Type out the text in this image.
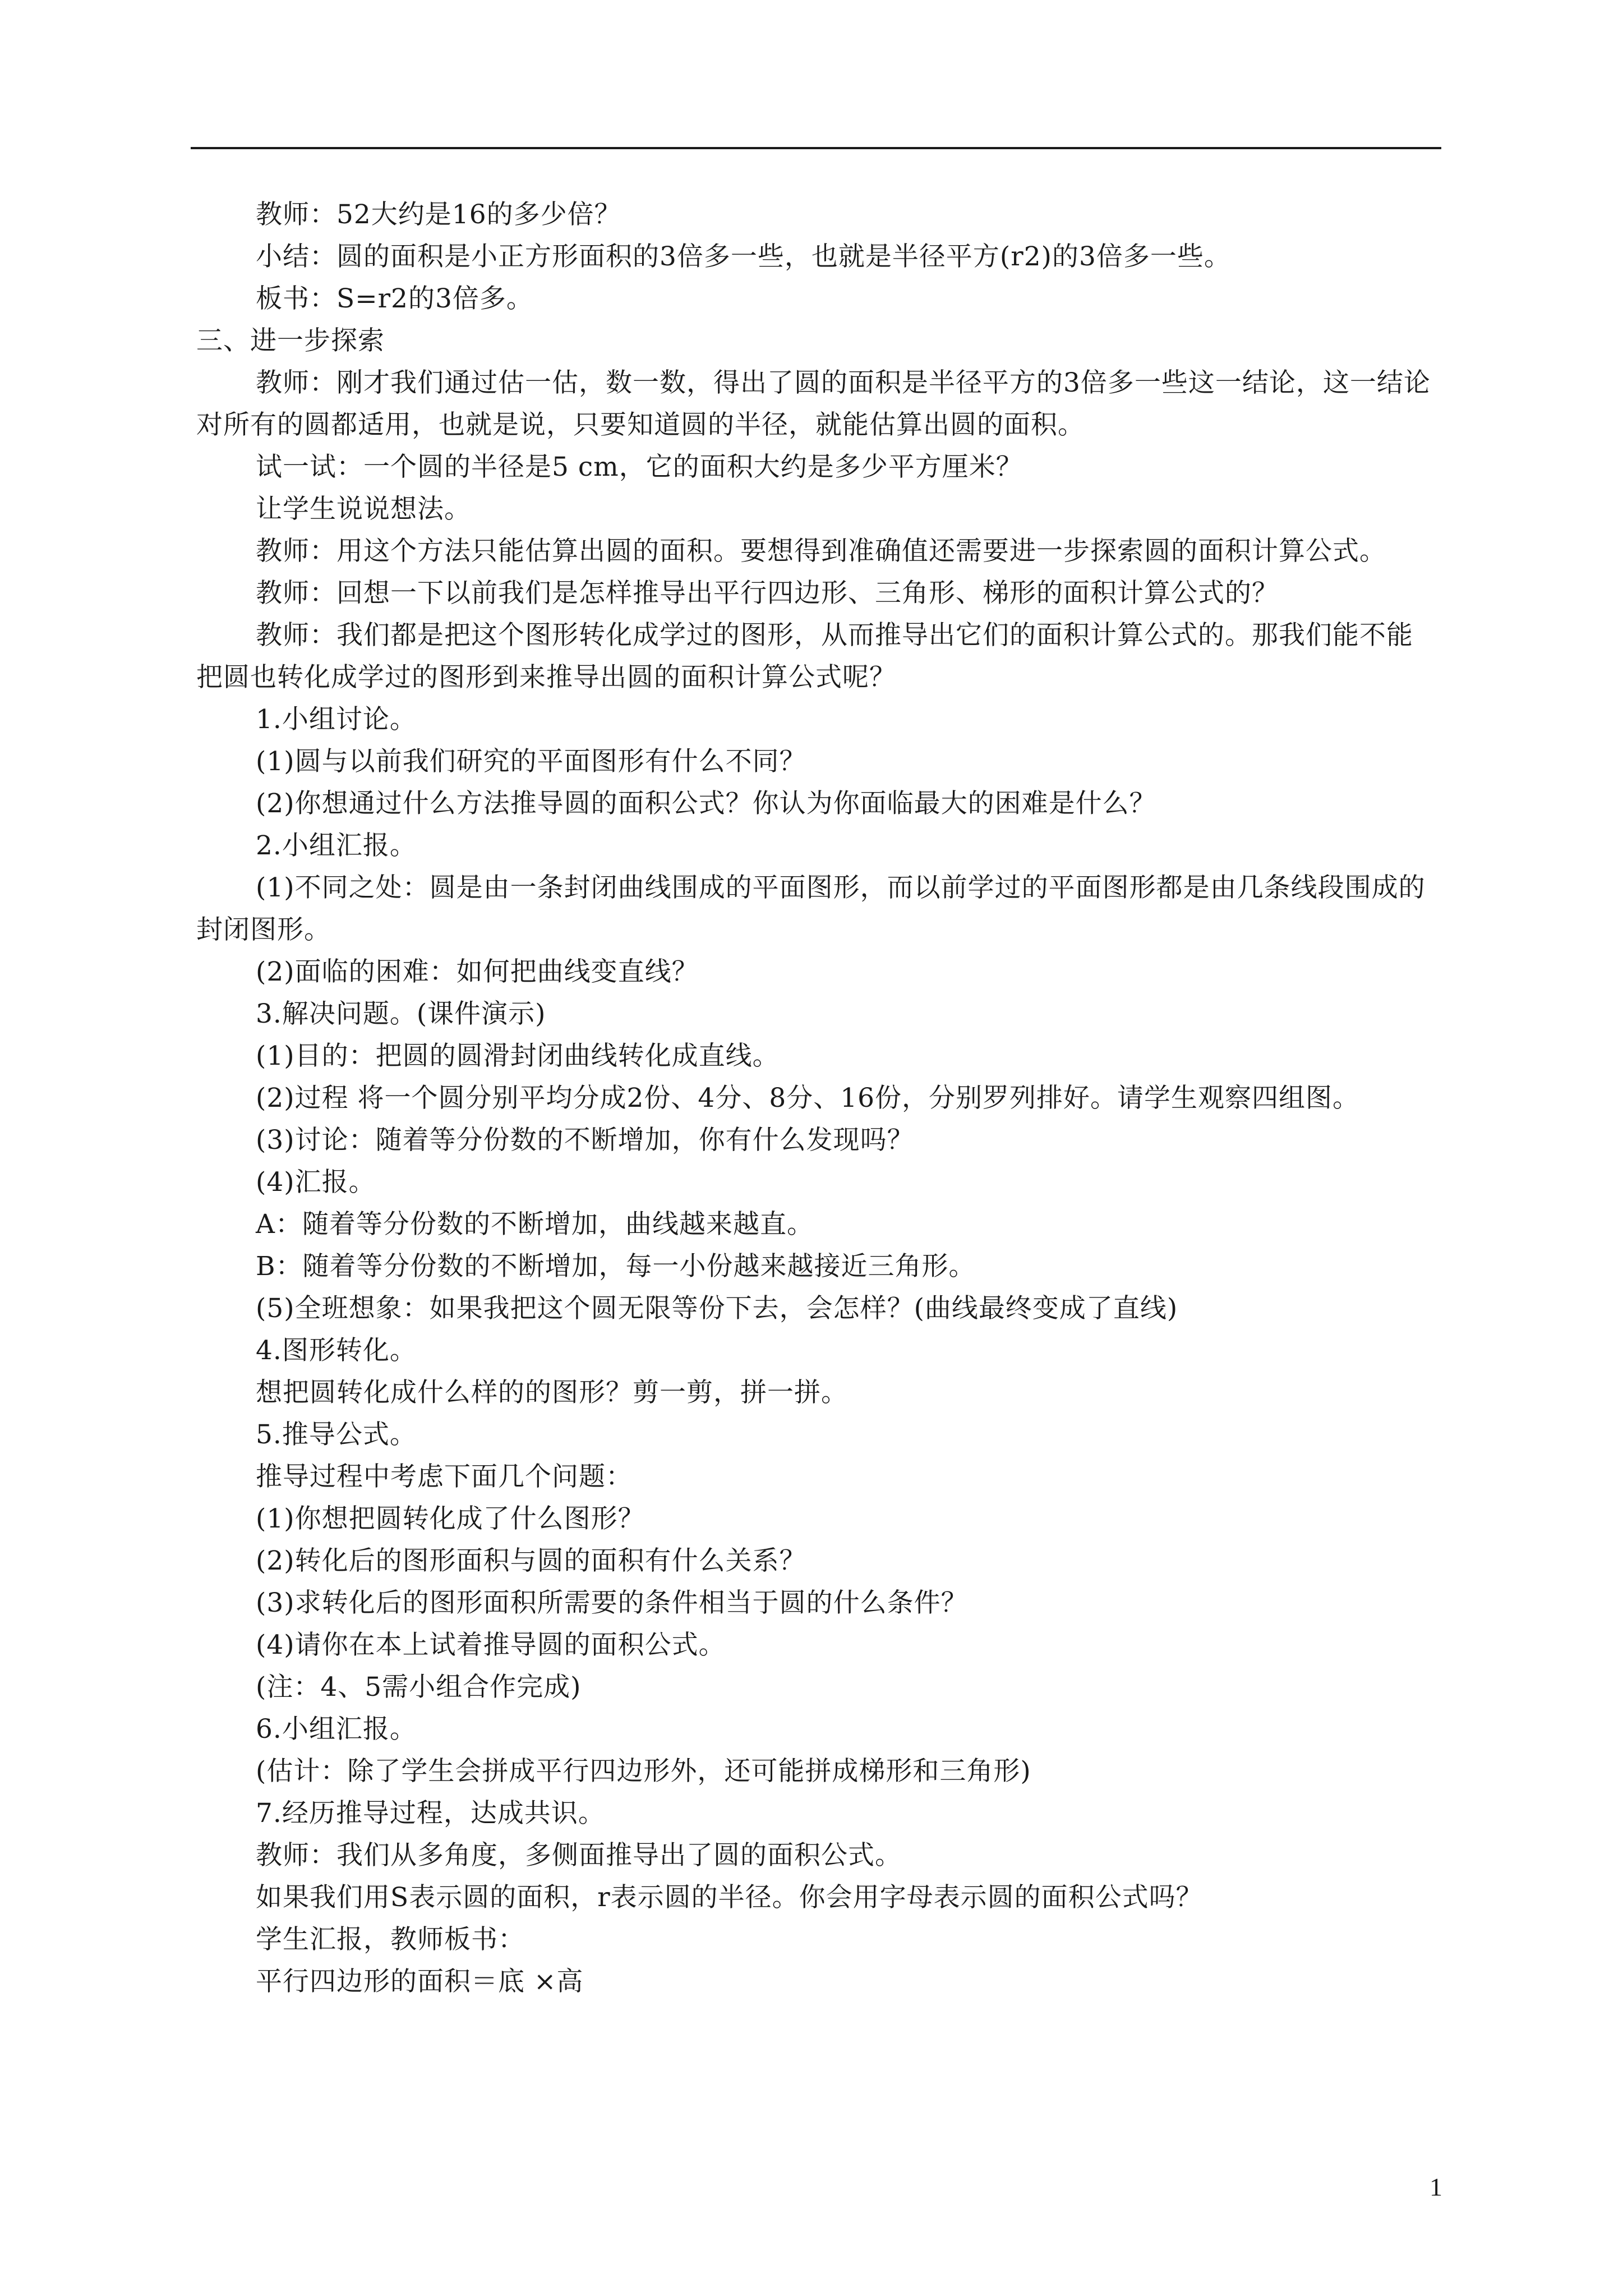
教师：52大约是16的多少倍？

小结：圆的面积是小正方形面积的3倍多一些，也就是半径平方(r2)的3倍多一些。

板书：S=r2的3倍多。

三、进一步探索

教师：刚才我们通过估一估，数一数，得出了圆的面积是半径平方的3倍多一些这一结论，这一结论对所有的圆都适用，也就是说，只要知道圆的半径，就能估算出圆的面积。

试一试：一个圆的半径是5 cm，它的面积大约是多少平方厘米？

让学生说说想法。

教师：用这个方法只能估算出圆的面积。要想得到准确值还需要进一步探索圆的面积计算公式。

教师：回想一下以前我们是怎样推导出平行四边形、三角形、梯形的面积计算公式的？

教师：我们都是把这个图形转化成学过的图形，从而推导出它们的面积计算公式的。那我们能不能把圆也转化成学过的图形到来推导出圆的面积计算公式呢？

1.小组讨论。

(1)圆与以前我们研究的平面图形有什么不同？

(2)你想通过什么方法推导圆的面积公式？你认为你面临最大的困难是什么？

2.小组汇报。

(1)不同之处：圆是由一条封闭曲线围成的平面图形，而以前学过的平面图形都是由几条线段围成的封闭图形。

(2)面临的困难：如何把曲线变直线？

3.解决问题。(课件演示)

(1)目的：把圆的圆滑封闭曲线转化成直线。

(2)过程 将一个圆分别平均分成2份、4分、8分、16份，分别罗列排好。请学生观察四组图。

(3)讨论：随着等分份数的不断增加，你有什么发现吗？

(4)汇报。

A：随着等分份数的不断增加，曲线越来越直。

B：随着等分份数的不断增加，每一小份越来越接近三角形。

(5)全班想象：如果我把这个圆无限等份下去，会怎样？(曲线最终变成了直线)

4.图形转化。

想把圆转化成什么样的的图形？剪一剪，拼一拼。

5.推导公式。

推导过程中考虑下面几个问题：

(1)你想把圆转化成了什么图形？

(2)转化后的图形面积与圆的面积有什么关系？

(3)求转化后的图形面积所需要的条件相当于圆的什么条件？

(4)请你在本上试着推导圆的面积公式。

(注：4、5需小组合作完成)

6.小组汇报。

(估计：除了学生会拼成平行四边形外，还可能拼成梯形和三角形)

7.经历推导过程，达成共识。

教师：我们从多角度，多侧面推导出了圆的面积公式。

如果我们用S表示圆的面积，r表示圆的半径。你会用字母表示圆的面积公式吗？

学生汇报，教师板书：

平行四边形的面积＝底 ×高

1
